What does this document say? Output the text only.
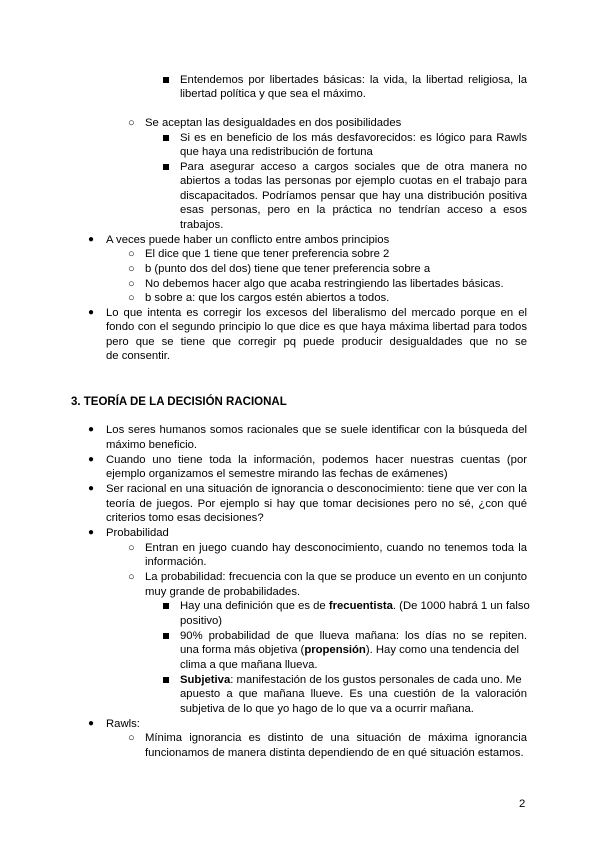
3. TEORÍA DE LA DECISIÓN RACIONAL
2
Entendemos por libertades básicas: la vida, la libertad religiosa, la
libertad política y que sea el máximo.
○ Se aceptan las desigualdades en dos posibilidades
Si es en beneficio de los más desfavorecidos: es lógico para Rawls
que haya una redistribución de fortuna
Para asegurar acceso a cargos sociales que de otra manera no
abiertos a todas las personas por ejemplo cuotas en el trabajo para
discapacitados. Podríamos pensar que hay una distribución positiva
esas personas, pero en la práctica no tendrían acceso a esos
trabajos.
● A veces puede haber un conflicto entre ambos principios
○ El dice que 1 tiene que tener preferencia sobre 2
○ b (punto dos del dos) tiene que tener preferencia sobre a
○ No debemos hacer algo que acaba restringiendo las libertades básicas.
○ b sobre a: que los cargos estén abiertos a todos.
● Lo que intenta es corregir los excesos del liberalismo del mercado porque en el
fondo con el segundo principio lo que dice es que haya máxima libertad para todos
pero que se tiene que corregir pq puede producir desigualdades que no se
de consentir.
● Los seres humanos somos racionales que se suele identificar con la búsqueda del
máximo beneficio.
● Cuando uno tiene toda la información, podemos hacer nuestras cuentas (por
ejemplo organizamos el semestre mirando las fechas de exámenes)
● Ser racional en una situación de ignorancia o desconocimiento: tiene que ver con la
teoría de juegos. Por ejemplo si hay que tomar decisiones pero no sé, ¿con qué
criterios tomo esas decisiones?
● Probabilidad
○ Entran en juego cuando hay desconocimiento, cuando no tenemos toda la
información.
○ La probabilidad: frecuencia con la que se produce un evento en un conjunto
muy grande de probabilidades.
Hay una definición que es de frecuentista. (De 1000 habrá 1 un falso
positivo)
90% probabilidad de que llueva mañana: los días no se repiten.
una forma más objetiva (propensión). Hay como una tendencia del
clima a que mañana llueva.
Subjetiva: manifestación de los gustos personales de cada uno. Me
apuesto a que mañana llueve. Es una cuestión de la valoración
subjetiva de lo que yo hago de lo que va a ocurrir mañana.
● Rawls:
○ Mínima ignorancia es distinto de una situación de máxima ignorancia
funcionamos de manera distinta dependiendo de en qué situación estamos.
